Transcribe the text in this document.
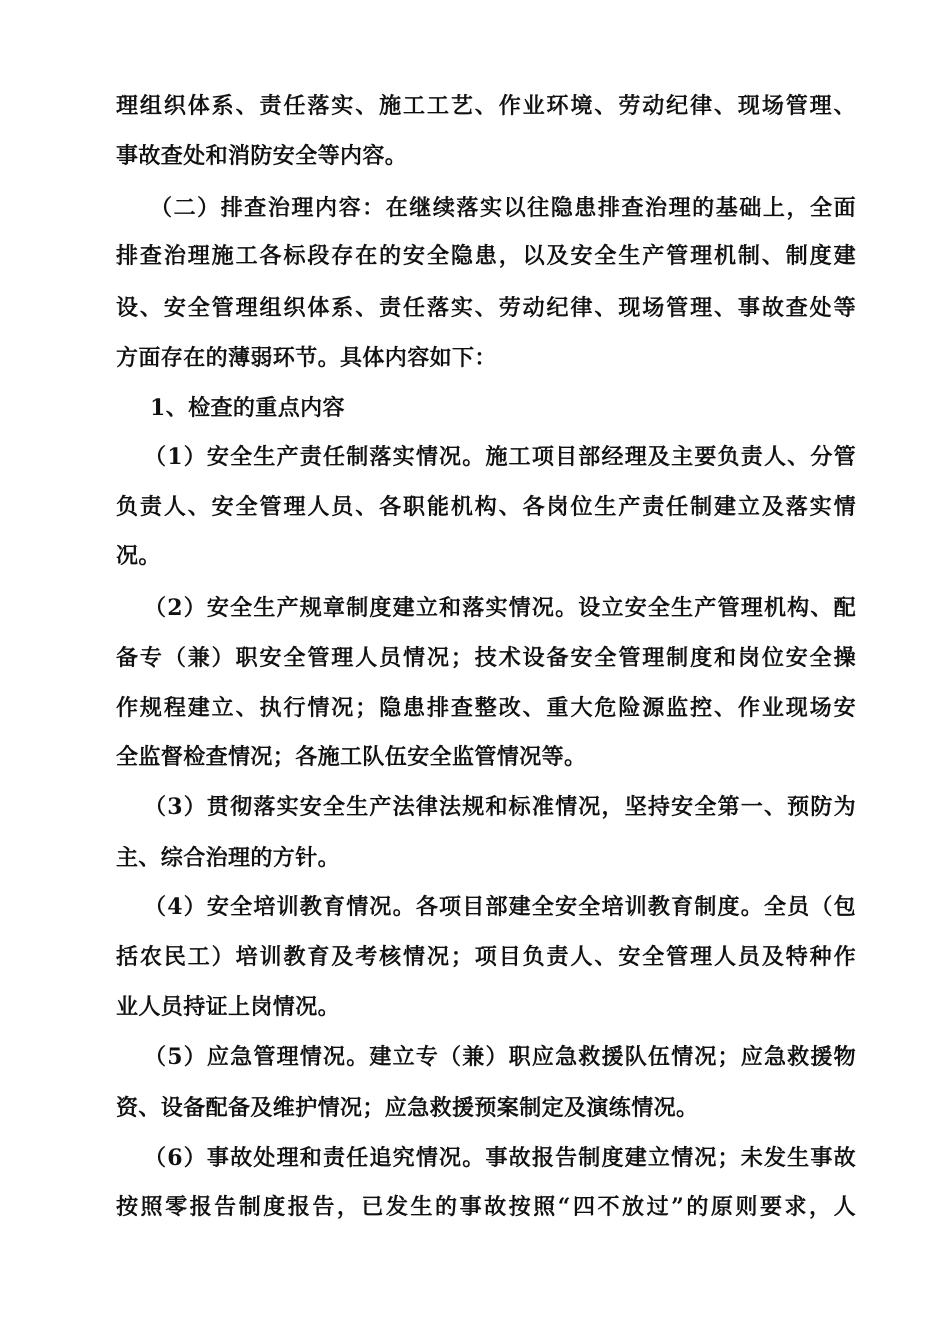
理组织体系、责任落实、施工工艺、作业环境、劳动纪律、现场管理、

事故查处和消防安全等内容。

（二）排查治理内容：在继续落实以往隐患排查治理的基础上，全面

排查治理施工各标段存在的安全隐患，以及安全生产管理机制、制度建

设、安全管理组织体系、责任落实、劳动纪律、现场管理、事故查处等

方面存在的薄弱环节。具体内容如下：

1、检查的重点内容

（1）安全生产责任制落实情况。施工项目部经理及主要负责人、分管

负责人、安全管理人员、各职能机构、各岗位生产责任制建立及落实情

况。

（2）安全生产规章制度建立和落实情况。设立安全生产管理机构、配

备专（兼）职安全管理人员情况；技术设备安全管理制度和岗位安全操

作规程建立、执行情况；隐患排查整改、重大危险源监控、作业现场安

全监督检查情况；各施工队伍安全监管情况等。

（3）贯彻落实安全生产法律法规和标准情况，坚持安全第一、预防为

主、综合治理的方针。

（4）安全培训教育情况。各项目部建全安全培训教育制度。全员（包

括农民工）培训教育及考核情况；项目负责人、安全管理人员及特种作

业人员持证上岗情况。

（5）应急管理情况。建立专（兼）职应急救援队伍情况；应急救援物

资、设备配备及维护情况；应急救援预案制定及演练情况。

（6）事故处理和责任追究情况。事故报告制度建立情况；未发生事故

按照零报告制度报告，已发生的事故按照“四不放过”的原则要求，人
